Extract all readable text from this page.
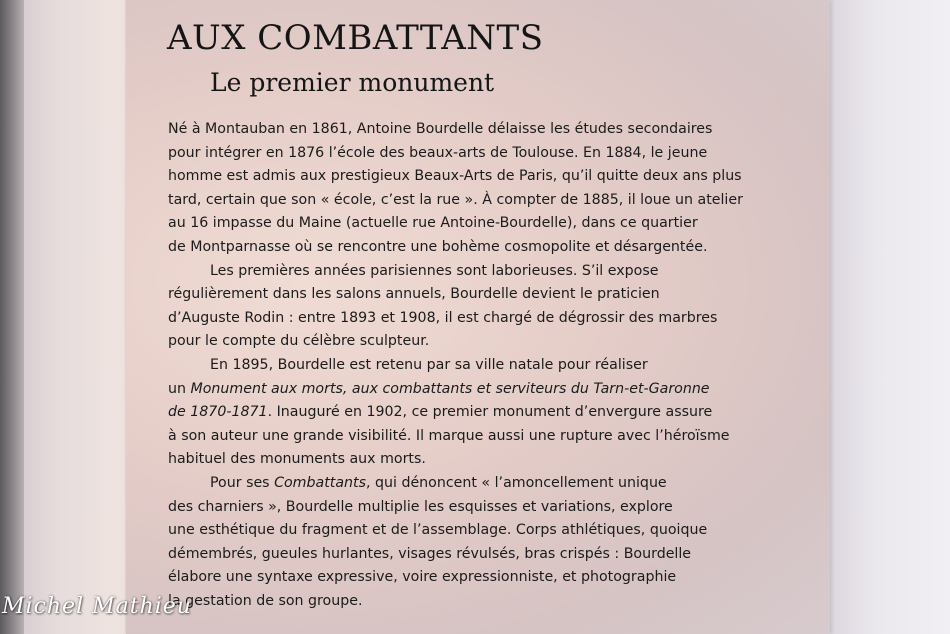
AUX COMBATTANTS
Le premier monument
Né à Montauban en 1861, Antoine Bourdelle délaisse les études secondaires
pour intégrer en 1876 l’école des beaux-arts de Toulouse. En 1884, le jeune
homme est admis aux prestigieux Beaux-Arts de Paris, qu’il quitte deux ans plus
tard, certain que son « école, c’est la rue ». À compter de 1885, il loue un atelier
au 16 impasse du Maine (actuelle rue Antoine-Bourdelle), dans ce quartier
de Montparnasse où se rencontre une bohème cosmopolite et désargentée.
Les premières années parisiennes sont laborieuses. S’il expose
régulièrement dans les salons annuels, Bourdelle devient le praticien
d’Auguste Rodin : entre 1893 et 1908, il est chargé de dégrossir des marbres
pour le compte du célèbre sculpteur.
En 1895, Bourdelle est retenu par sa ville natale pour réaliser
un Monument aux morts, aux combattants et serviteurs du Tarn-et-Garonne
de 1870-1871. Inauguré en 1902, ce premier monument d’envergure assure
à son auteur une grande visibilité. Il marque aussi une rupture avec l’héroïsme
habituel des monuments aux morts.
Pour ses Combattants, qui dénoncent « l’amoncellement unique
des charniers », Bourdelle multiplie les esquisses et variations, explore
une esthétique du fragment et de l’assemblage. Corps athlétiques, quoique
démembrés, gueules hurlantes, visages révulsés, bras crispés : Bourdelle
élabore une syntaxe expressive, voire expressionniste, et photographie
la gestation de son groupe.
Michel Mathieu
